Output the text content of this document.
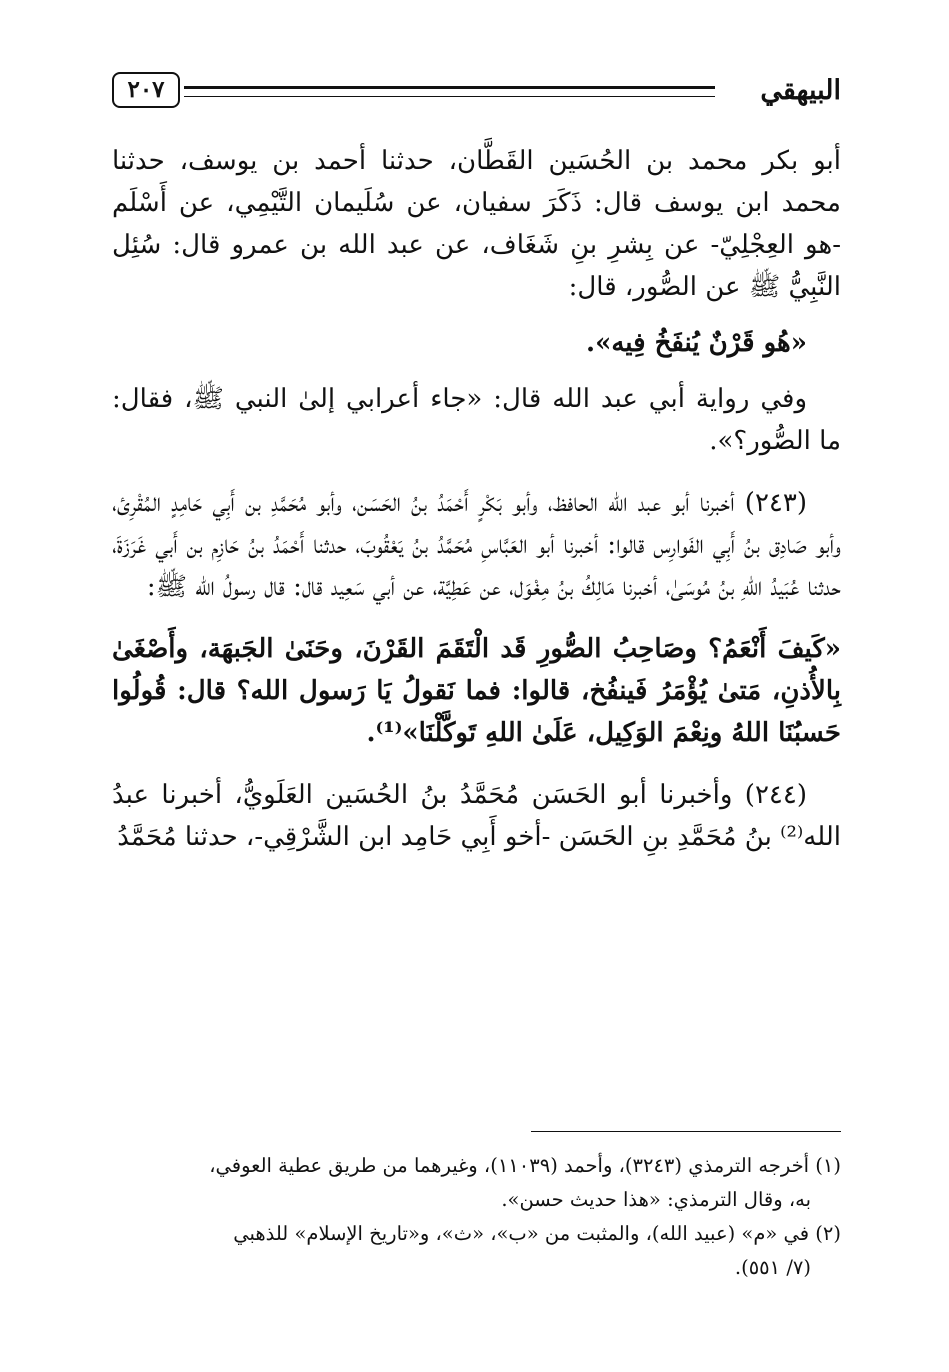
البيهقي
٢٠٧

أبو بكر محمد بن الحُسَين القَطَّان، حدثنا أحمد بن يوسف، حدثنا محمد ابن يوسف قال: ذَكَرَ سفيان، عن سُلَيمان التَّيْمِي، عن أَسْلَم -هو العِجْلِيّ- عن بِشرِ بنِ شَغَاف، عن عبد الله بن عمرو قال: سُئِل النَّبِيُّ ﷺ عن الصُّور، قال:

«هُو قَرْنٌ يُنفَخُ فِيه».

وفي رواية أبي عبد الله قال: «جاء أعرابي إلىٰ النبي ﷺ، فقال: ما الصُّور؟».

(٢٤٣) أخبرنا أبو عبد الله الحافظ، وأبو بَكْرٍ أَحْمَدُ بنُ الحَسَن، وأبو مُحَمَّدِ بن أَبِي حَامِدٍ المُقْرِئ، وأبو صَادِق بنُ أَبِي الفَوارِس قالوا: أخبرنا أبو العَبَّاسِ مُحَمَّدُ بنُ يَعْقُوبَ، حدثنا أَحْمَدُ بنُ حَازِم بن أَبي غَرَزَةَ، حدثنا عُبَيدُ اللهِ بنُ مُوسَىٰ، أخبرنا مَالِكُ بنُ مِغْوَل، عن عَطِيَّة، عن أبي سَعِيد قال: قال رسولُ الله ﷺ:

«كَيفَ أَنْعَمُ؟ وصَاحِبُ الصُّورِ قَد الْتَقَمَ القَرْنَ، وحَنَىٰ الجَبهَة، وأَصْغَىٰ بِالأُذنِ، مَتىٰ يُؤْمَرُ فَينفُخ، قالوا: فما نَقولُ يَا رَسول الله؟ قال: قُولُوا حَسبُنَا اللهُ ونِعْمَ الوَكِيل، عَلَىٰ اللهِ تَوكَّلْنَا»⁽¹⁾.

(٢٤٤) وأخبرنا أبو الحَسَن مُحَمَّدُ بنُ الحُسَين العَلَويُّ، أخبرنا عبدُ الله⁽²⁾ بنُ مُحَمَّدِ بنِ الحَسَن -أخو أَبِي حَامِد ابن الشَّرْقِي-، حدثنا مُحَمَّدُ

(١) أخرجه الترمذي (٣٢٤٣)، وأحمد (١١٠٣٩)، وغيرهما من طريق عطية العوفي،

به، وقال الترمذي: «هذا حديث حسن».

(٢) في «م» (عبيد الله)، والمثبت من «ب»، «ث»، و«تاريخ الإسلام» للذهبي

(٧/ ٥٥١).
